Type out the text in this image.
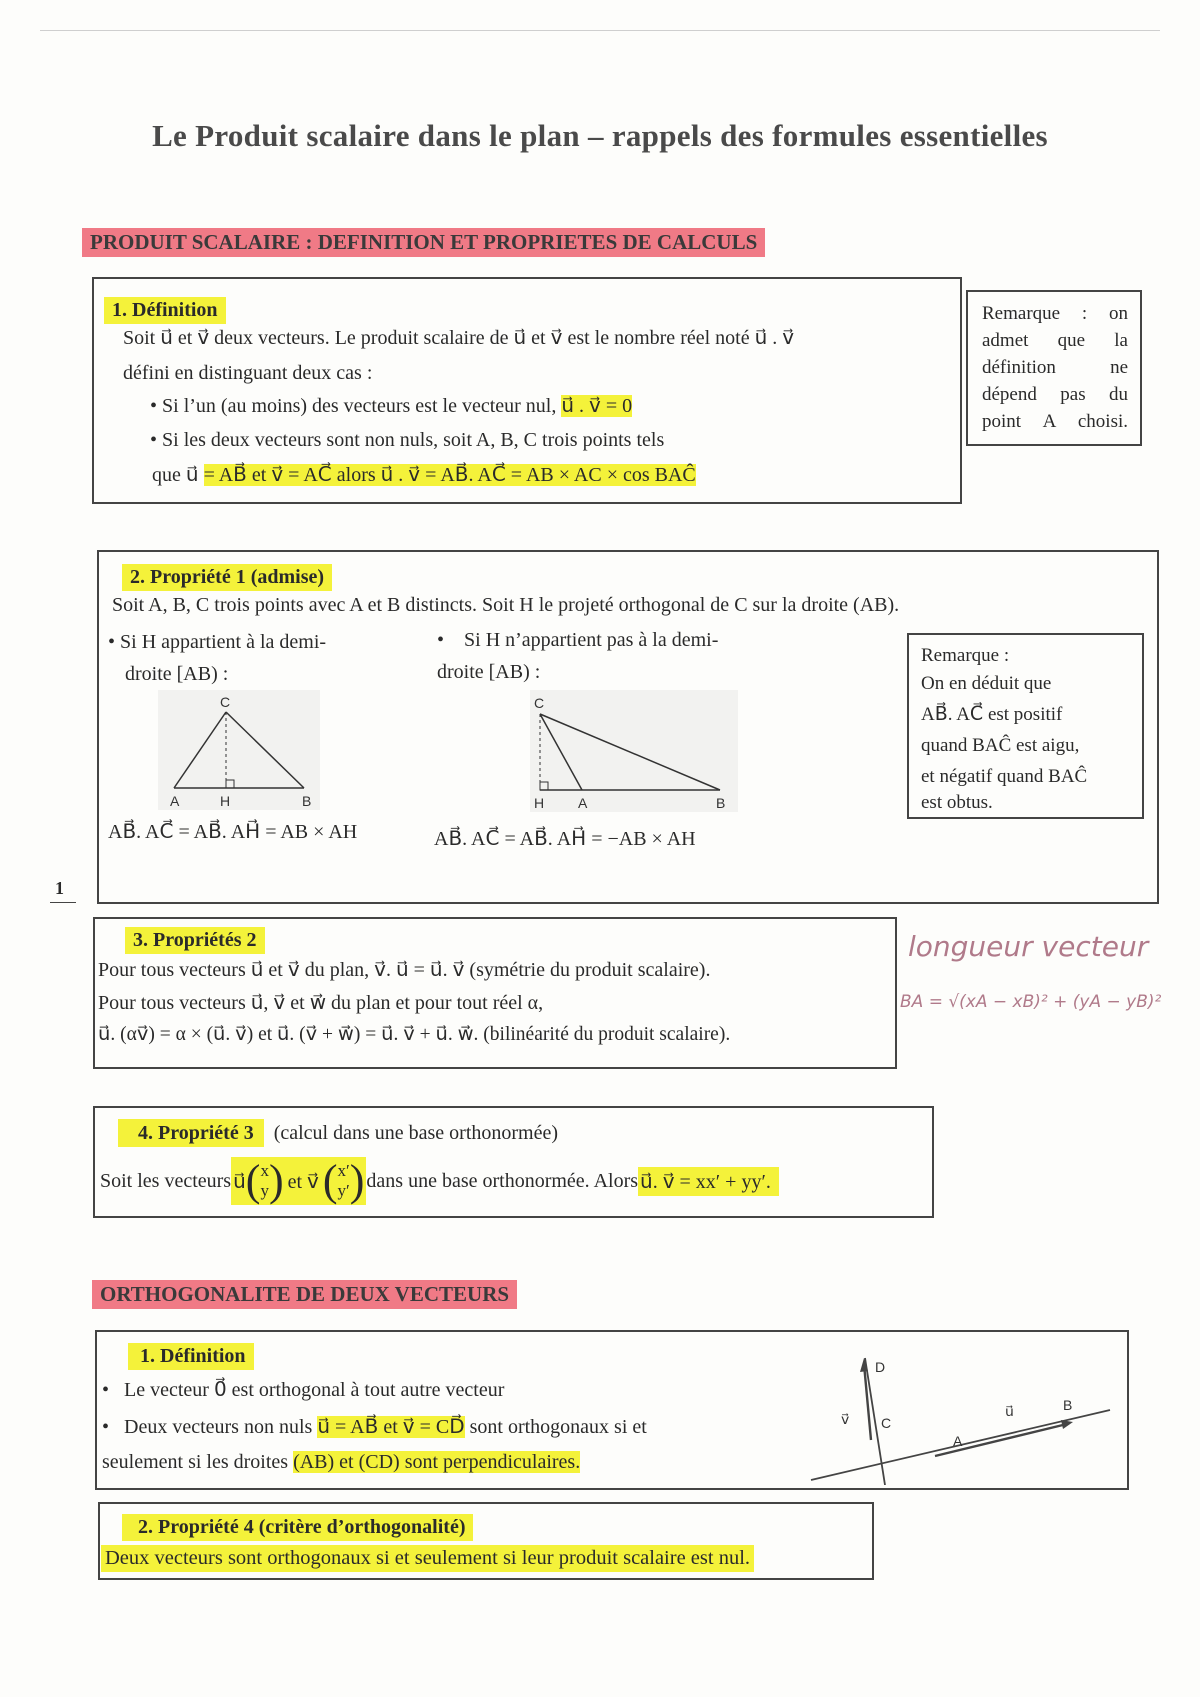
Le Produit scalaire dans le plan – rappels des formules essentielles
PRODUIT SCALAIRE : DEFINITION ET PROPRIETES DE CALCULS
1. Définition
Soit u⃗ et v⃗ deux vecteurs. Le produit scalaire de u⃗ et v⃗ est le nombre réel noté u⃗ . v⃗
défini en distinguant deux cas :
• Si l’un (au moins) des vecteurs est le vecteur nul, u⃗ . v⃗ = 0
• Si les deux vecteurs sont non nuls, soit A, B, C trois points tels
que u⃗ = AB⃗ et v⃗ = AC⃗ alors u⃗ . v⃗ = AB⃗. AC⃗ = AB × AC × cos BAĈ
Remarque : on admet que la définition ne dépend pas du point A choisi.
2. Propriété 1 (admise)
Soit A, B, C trois points avec A et B distincts. Soit H le projeté orthogonal de C sur la droite (AB).
• Si H appartient à la demi-
droite [AB) :
•    Si H n’appartient pas à la demi-
droite [AB) :
C
A	H	B
C
H A	B
AB⃗. AC⃗ = AB⃗. AH⃗ = AB × AH	AB⃗. AC⃗ = AB⃗. AH⃗ = −AB × AH
Remarque :
On en déduit que
AB⃗. AC⃗ est positif
quand BAĈ est aigu,
et négatif quand BAĈ
est obtus.
1
3. Propriétés 2
Pour tous vecteurs u⃗ et v⃗ du plan, v⃗. u⃗ = u⃗. v⃗ (symétrie du produit scalaire).
Pour tous vecteurs u⃗, v⃗ et w⃗ du plan et pour tout réel α,
u⃗. (αv⃗) = α × (u⃗. v⃗) et u⃗. (v⃗ + w⃗) = u⃗. v⃗ + u⃗. w⃗. (bilinéarité du produit scalaire).
longueur vecteur
BA = √(xA − xB)² + (yA − yB)²
4. Propriété 3 (calcul dans une base orthonormée)
Soit les vecteurs u⃗ ( x
y ) et v⃗ ( x′
y′ ) dans une base orthonormée. Alors u⃗. v⃗ = xx′ + yy′.
ORTHOGONALITE DE DEUX VECTEURS
1. Définition
•   Le vecteur 0⃗ est orthogonal à tout autre vecteur
•   Deux vecteurs non nuls u⃗ = AB⃗ et v⃗ = CD⃗ sont orthogonaux si et
seulement si les droites (AB) et (CD) sont perpendiculaires.
D
C
v⃗	u⃗
A
B
2. Propriété 4 (critère d’orthogonalité)
Deux vecteurs sont orthogonaux si et seulement si leur produit scalaire est nul.
